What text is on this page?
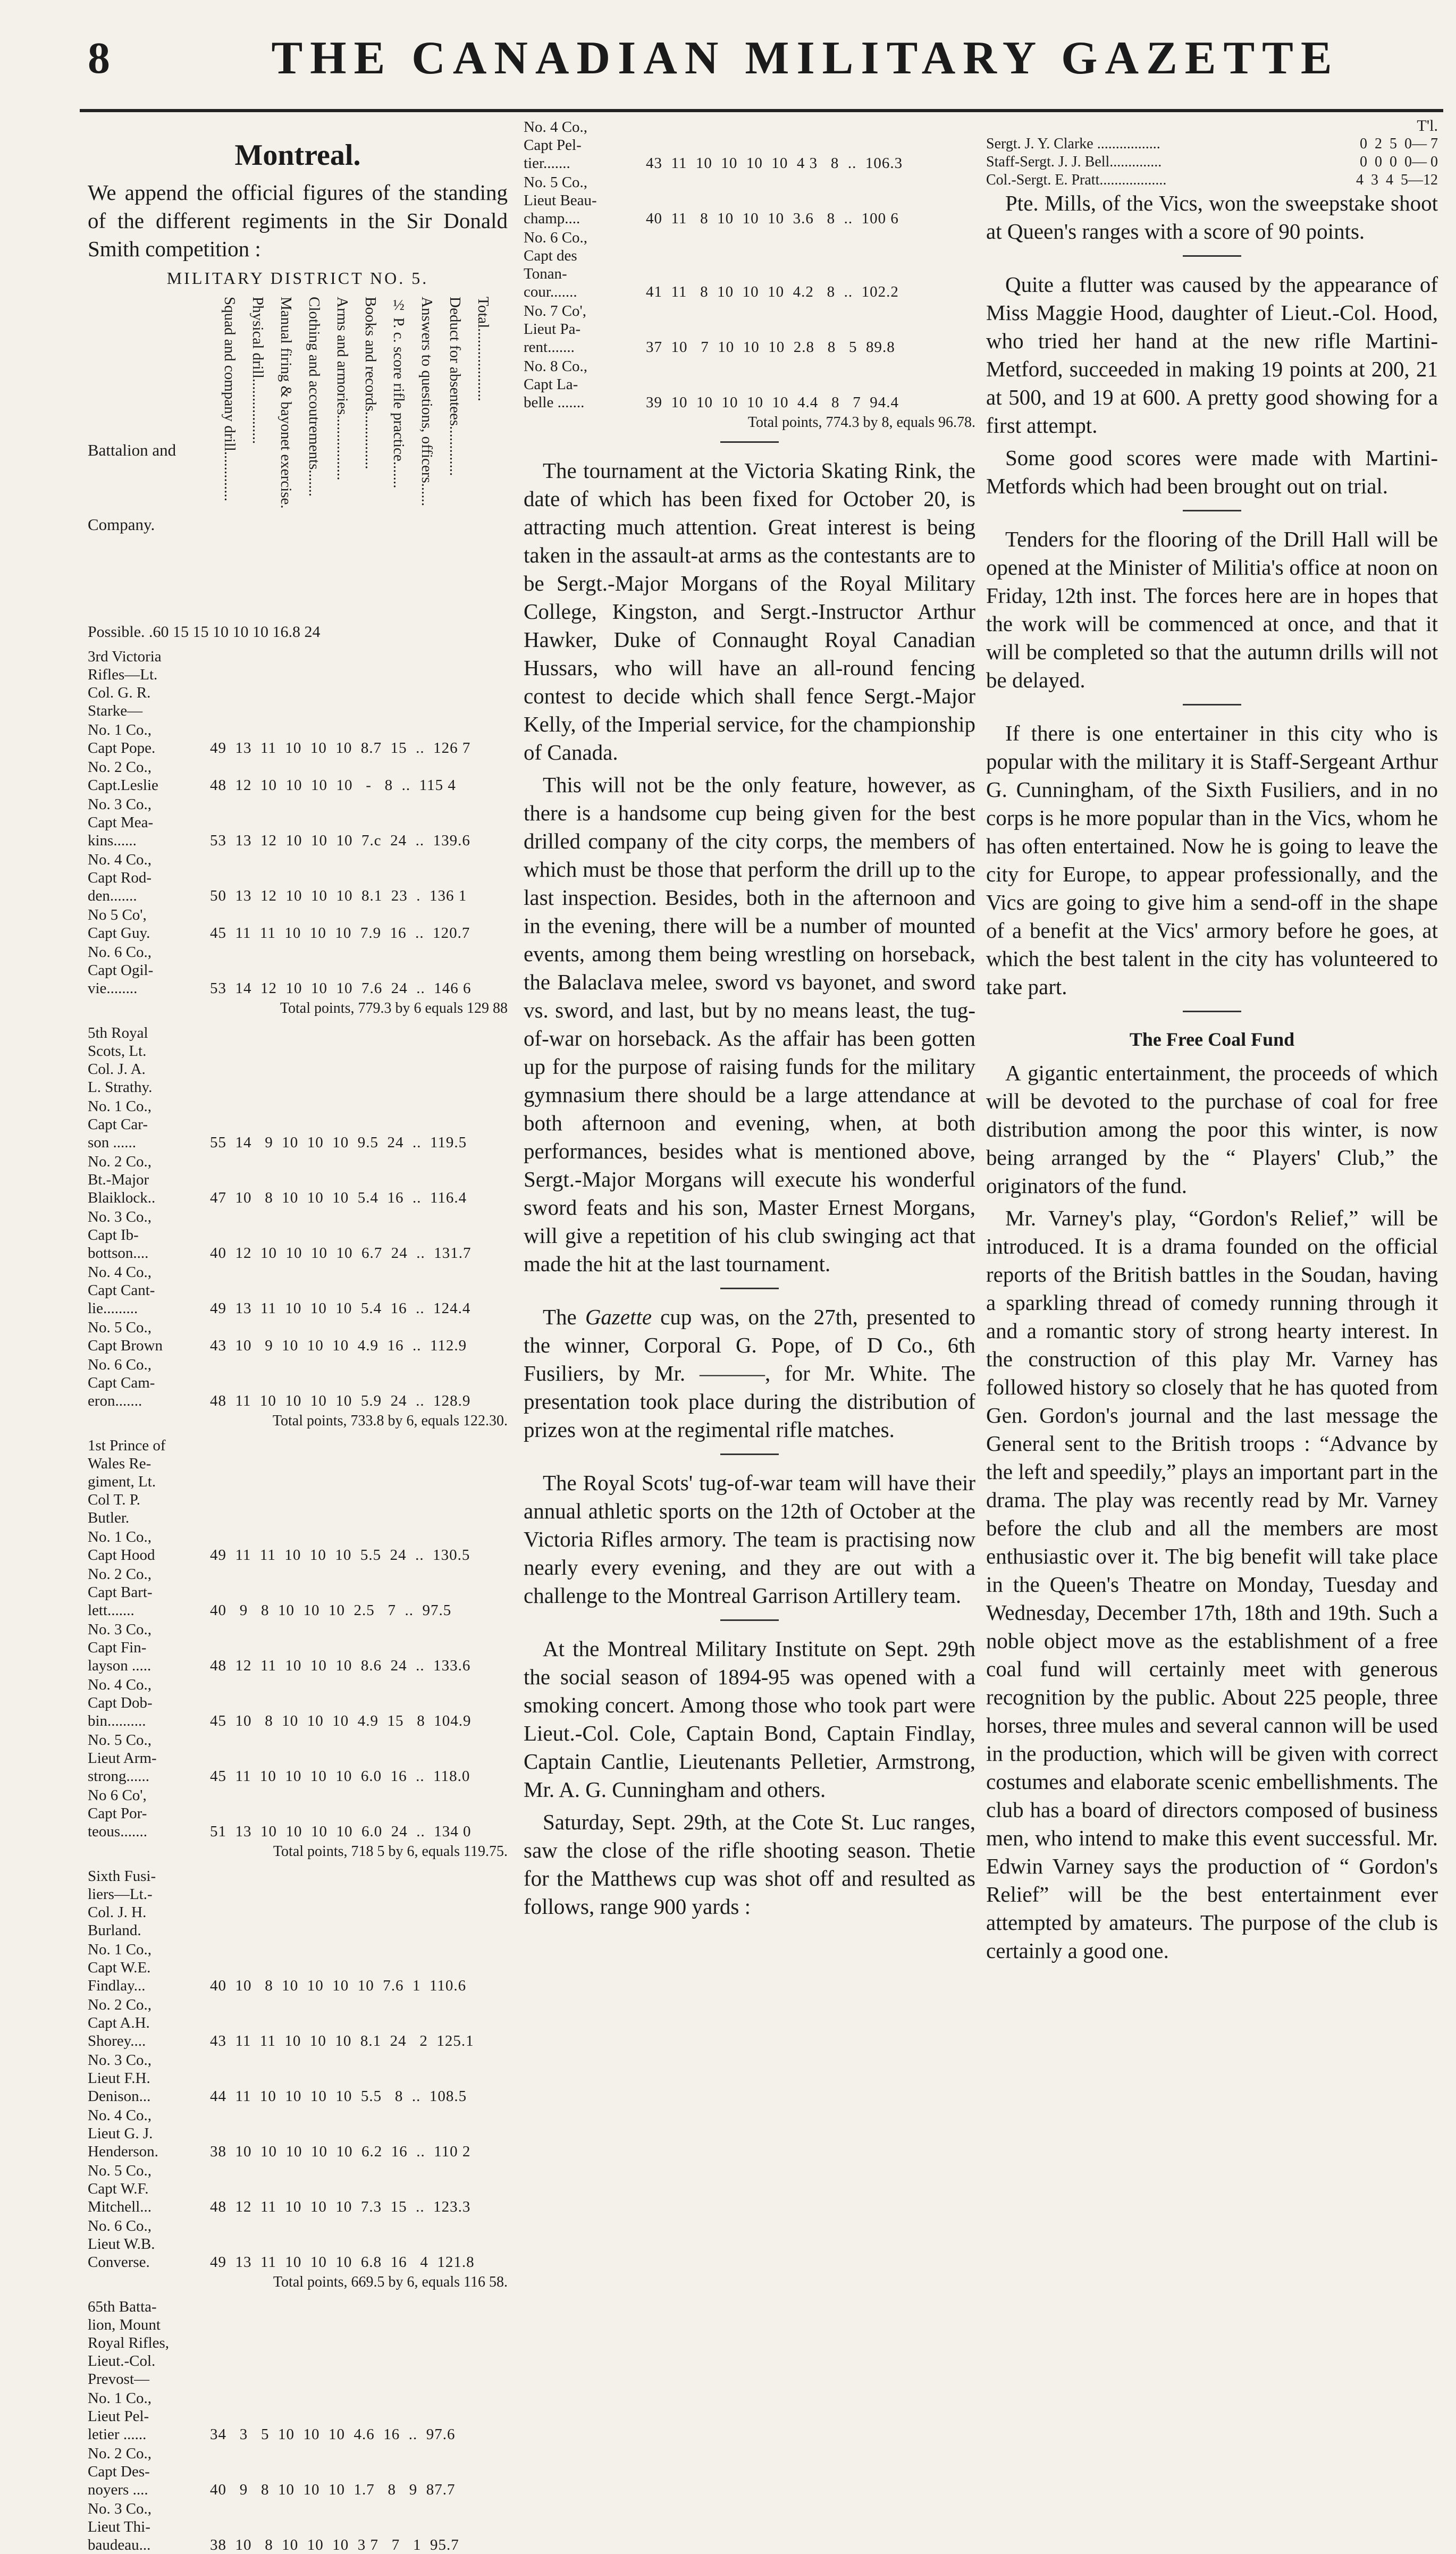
8	THE CANADIAN MILITARY GAZETTE
Montreal.

We append the official figures of the standing of the different regiments in the Sir Donald Smith competition :

MILITARY DISTRICT NO. 5.
Battalion and

Company.
Squad and company drill............. Physical drill................. Manual firing & bayonet exercise. Clothing and accoutrements....... Arms and armories................. Books and records............... ½ P. c. score rifle practice....... Answers to questions, officers...... Deduct for absentees............. Total...................
Possible. .60 15 15 10 10 10 16.8 24
3rd Victoria
Rifles—Lt.
Col. G. R.
Starke—
No. 1 Co.,
Capt Pope.	49  13  11  10  10  10  8.7  15  ..  126 7
No. 2 Co.,
Capt.Leslie	48  12  10  10  10  10   -   8  ..  115 4
No. 3 Co.,
Capt Mea-
kins......	53  13  12  10  10  10  7.c  24  ..  139.6
No. 4 Co.,
Capt Rod-
den.......	50  13  12  10  10  10  8.1  23  .  136 1
No 5 Co',
Capt Guy.	45  11  11  10  10  10  7.9  16  ..  120.7
No. 6 Co.,
Capt Ogil-
vie........	53  14  12  10  10  10  7.6  24  ..  146 6
Total points, 779.3 by 6 equals 129 88
5th Royal
Scots, Lt.
Col. J. A.
L. Strathy.
No. 1 Co.,
Capt Car-
son ......	55  14   9  10  10  10  9.5  24  ..  119.5
No. 2 Co.,
Bt.-Major
Blaiklock..	47  10   8  10  10  10  5.4  16  ..  116.4
No. 3 Co.,
Capt Ib-
bottson....	40  12  10  10  10  10  6.7  24  ..  131.7
No. 4 Co.,
Capt Cant-
lie.........	49  13  11  10  10  10  5.4  16  ..  124.4
No. 5 Co.,
Capt Brown	43  10   9  10  10  10  4.9  16  ..  112.9
No. 6 Co.,
Capt Cam-
eron.......	48  11  10  10  10  10  5.9  24  ..  128.9
Total points, 733.8 by 6, equals 122.30.
1st Prince of
Wales Re-
giment, Lt.
Col T. P.
Butler.
No. 1 Co.,
Capt Hood	49  11  11  10  10  10  5.5  24  ..  130.5
No. 2 Co.,
Capt Bart-
lett.......	40   9   8  10  10  10  2.5   7  ..  97.5
No. 3 Co.,
Capt Fin-
layson .....	48  12  11  10  10  10  8.6  24  ..  133.6
No. 4 Co.,
Capt Dob-
bin..........	45  10   8  10  10  10  4.9  15   8  104.9
No. 5 Co.,
Lieut Arm-
strong......	45  11  10  10  10  10  6.0  16  ..  118.0
No 6 Co',
Capt Por-
teous.......	51  13  10  10  10  10  6.0  24  ..  134 0
Total points, 718 5 by 6, equals 119.75.
Sixth Fusi-
liers—Lt.-
Col. J. H.
Burland.
No. 1 Co.,
Capt W.E.
Findlay...	40  10   8  10  10  10  10  7.6  1  110.6
No. 2 Co.,
Capt A.H.
Shorey....	43  11  11  10  10  10  8.1  24   2  125.1
No. 3 Co.,
Lieut F.H.
Denison...	44  11  10  10  10  10  5.5   8  ..  108.5
No. 4 Co.,
Lieut G. J.
Henderson.	38  10  10  10  10  10  6.2  16  ..  110 2
No. 5 Co.,
Capt W.F.
Mitchell...	48  12  11  10  10  10  7.3  15  ..  123.3
No. 6 Co.,
Lieut W.B.
Converse.	49  13  11  10  10  10  6.8  16   4  121.8
Total points, 669.5 by 6, equals 116 58.
65th Batta-
lion, Mount
Royal Rifles,
Lieut.-Col.
Prevost—
No. 1 Co.,
Lieut Pel-
letier ......	34   3   5  10  10  10  4.6  16  ..  97.6
No. 2 Co.,
Capt Des-
noyers ....	40   9   8  10  10  10  1.7   8   9  87.7
No. 3 Co.,
Lieut Thi-
baudeau...	38  10   8  10  10  10  3 7   7   1  95.7
No. 4 Co.,
Capt Pel-
tier.......	43  11  10  10  10  10  4 3   8  ..  106.3
No. 5 Co.,
Lieut Beau-
champ....	40  11   8  10  10  10  3.6   8  ..  100 6
No. 6 Co.,
Capt des
Tonan-
cour.......	41  11   8  10  10  10  4.2   8  ..  102.2
No. 7 Co',
Lieut Pa-
rent.......	37  10   7  10  10  10  2.8   8   5  89.8
No. 8 Co.,
Capt La-
belle .......	39  10  10  10  10  10  4.4   8   7  94.4
Total points, 774.3 by 8, equals 96.78.

The tournament at the Victoria Skating Rink, the date of which has been fixed for October 20, is attracting much attention. Great interest is being taken in the assault-at arms as the contestants are to be Sergt.-Major Morgans of the Royal Military College, Kingston, and Sergt.-Instructor Arthur Hawker, Duke of Connaught Royal Canadian Hussars, who will have an all-round fencing contest to decide which shall fence Sergt.-Major Kelly, of the Imperial service, for the championship of Canada.

This will not be the only feature, however, as there is a handsome cup being given for the best drilled company of the city corps, the members of which must be those that perform the drill up to the last inspection. Besides, both in the afternoon and in the evening, there will be a number of mounted events, among them being wrestling on horseback, the Balaclava melee, sword vs bayonet, and sword vs. sword, and last, but by no means least, the tug-of-war on horseback. As the affair has been gotten up for the purpose of raising funds for the military gymnasium there should be a large attendance at both afternoon and evening, when, at both performances, besides what is mentioned above, Sergt.-Major Morgans will execute his wonderful sword feats and his son, Master Ernest Morgans, will give a repetition of his club swinging act that made the hit at the last tournament.

The Gazette cup was, on the 27th, presented to the winner, Corporal G. Pope, of D Co., 6th Fusiliers, by Mr. ———, for Mr. White. The presentation took place during the distribution of prizes won at the regimental rifle matches.

The Royal Scots' tug-of-war team will have their annual athletic sports on the 12th of October at the Victoria Rifles armory. The team is practising now nearly every evening, and they are out with a challenge to the Montreal Garrison Artillery team.

At the Montreal Military Institute on Sept. 29th the social season of 1894-95 was opened with a smoking concert. Among those who took part were Lieut.-Col. Cole, Captain Bond, Captain Findlay, Captain Cantlie, Lieutenants Pelletier, Armstrong, Mr. A. G. Cunningham and others.

Saturday, Sept. 29th, at the Cote St. Luc ranges, saw the close of the rifle shooting season. Thetie for the Matthews cup was shot off and resulted as follows, range 900 yards :

T'l.
Sergt. J. Y. Clarke .................	0  2  5  0— 7
Staff-Sergt. J. J. Bell..............	0  0  0  0— 0
Col.-Sergt. E. Pratt..................	4  3  4  5—12

Pte. Mills, of the Vics, won the sweepstake shoot at Queen's ranges with a score of 90 points.

Quite a flutter was caused by the appearance of Miss Maggie Hood, daughter of Lieut.-Col. Hood, who tried her hand at the new rifle Martini-Metford, succeeded in making 19 points at 200, 21 at 500, and 19 at 600. A pretty good showing for a first attempt.

Some good scores were made with Martini-Metfords which had been brought out on trial.

Tenders for the flooring of the Drill Hall will be opened at the Minister of Militia's office at noon on Friday, 12th inst. The forces here are in hopes that the work will be commenced at once, and that it will be completed so that the autumn drills will not be delayed.

If there is one entertainer in this city who is popular with the military it is Staff-Sergeant Arthur G. Cunningham, of the Sixth Fusiliers, and in no corps is he more popular than in the Vics, whom he has often entertained. Now he is going to leave the city for Europe, to appear professionally, and the Vics are going to give him a send-off in the shape of a benefit at the Vics' armory before he goes, at which the best talent in the city has volunteered to take part.

The Free Coal Fund

A gigantic entertainment, the proceeds of which will be devoted to the purchase of coal for free distribution among the poor this winter, is now being arranged by the “ Players' Club,” the originators of the fund.

Mr. Varney's play, “Gordon's Relief,” will be introduced. It is a drama founded on the official reports of the British battles in the Soudan, having a sparkling thread of comedy running through it and a romantic story of strong hearty interest. In the construction of this play Mr. Varney has followed history so closely that he has quoted from Gen. Gordon's journal and the last message the General sent to the British troops : “Advance by the left and speedily,” plays an important part in the drama. The play was recently read by Mr. Varney before the club and all the members are most enthusiastic over it. The big benefit will take place in the Queen's Theatre on Monday, Tuesday and Wednesday, December 17th, 18th and 19th. Such a noble object move as the establishment of a free coal fund will certainly meet with generous recognition by the public. About 225 people, three horses, three mules and several cannon will be used in the production, which will be given with correct costumes and elaborate scenic embellishments. The club has a board of directors composed of business men, who intend to make this event successful. Mr. Edwin Varney says the production of “ Gordon's Relief” will be the best entertainment ever attempted by amateurs. The purpose of the club is certainly a good one.
